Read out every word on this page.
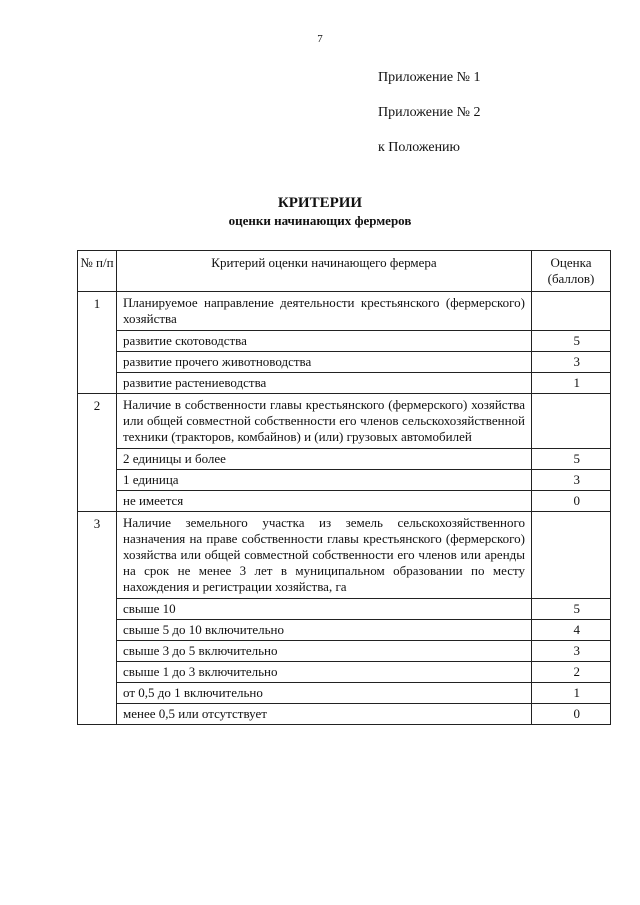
7
Приложение № 1
Приложение № 2
к Положению
КРИТЕРИИ
оценки начинающих фермеров
№ п/п	Критерий оценки начинающего фермера	Оценка (баллов)
1	Планируемое направление деятельности крестьянского (фермерского) хозяйства	
	развитие скотоводства	5
	развитие прочего животноводства	3
	развитие растениеводства	1
2	Наличие в собственности главы крестьянского (фермерского) хозяйства или общей совместной собственности его членов сельскохозяйственной техники (тракторов, комбайнов) и (или) грузовых автомобилей	
	2 единицы и более	5
	1 единица	3
	не имеется	0
3	Наличие земельного участка из земель сельскохозяйственного назначения на праве собственности главы крестьянского (фермерского) хозяйства или общей совместной собственности его членов или аренды на срок не менее 3 лет в муниципальном образовании по месту нахождения и регистрации хозяйства, га	
	свыше 10	5
	свыше 5 до 10 включительно	4
	свыше 3 до 5 включительно	3
	свыше 1 до 3 включительно	2
	от 0,5 до 1 включительно	1
	менее 0,5 или отсутствует	0
